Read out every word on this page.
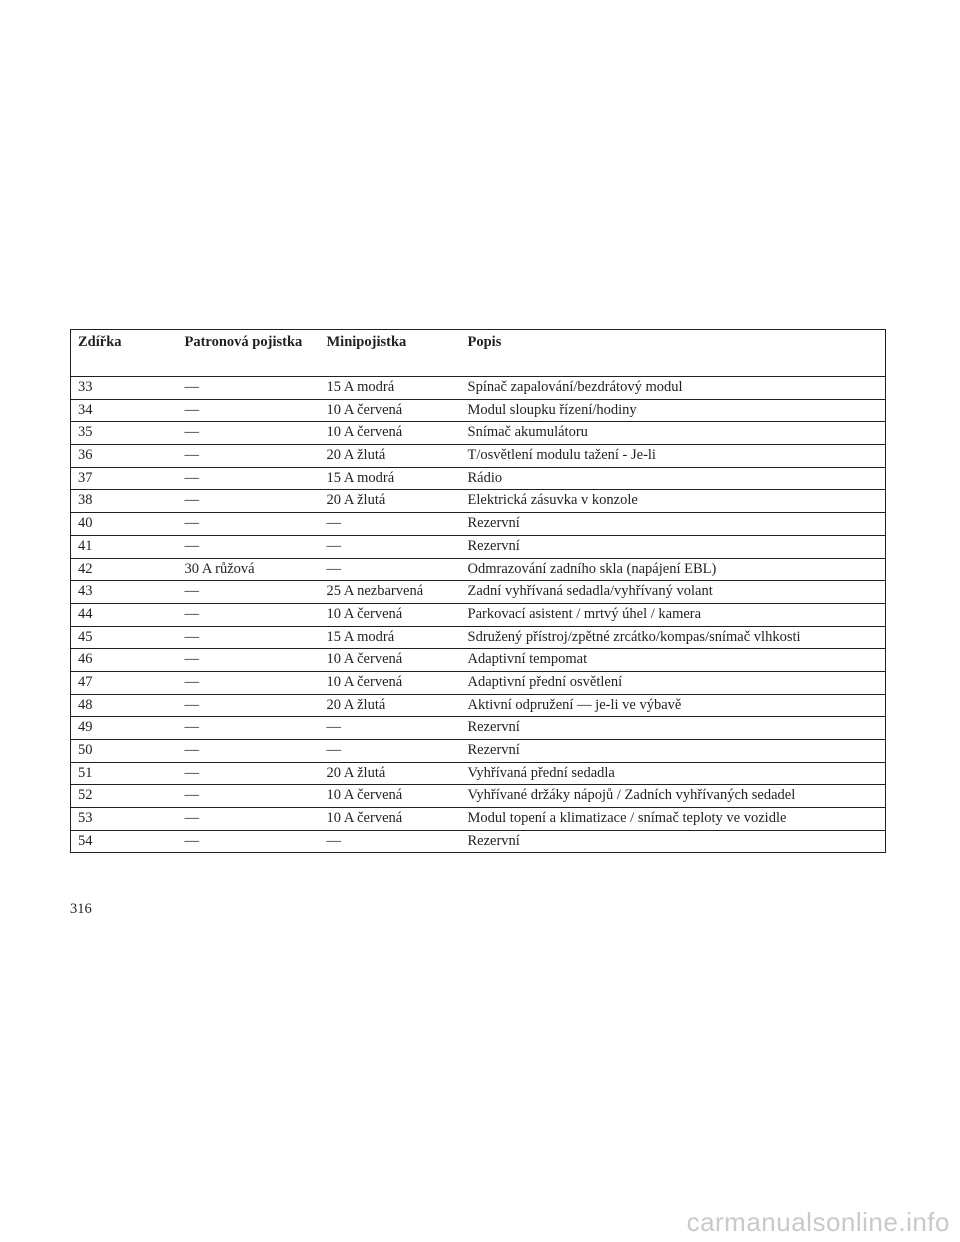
Zdířka	Patronová pojistka	Minipojistka	Popis
33	—	15 A modrá	Spínač zapalování/bezdrátový modul
34	—	10 A červená	Modul sloupku řízení/hodiny
35	—	10 A červená	Snímač akumulátoru
36	—	20 A žlutá	T/osvětlení modulu tažení - Je-li
37	—	15 A modrá	Rádio
38	—	20 A žlutá	Elektrická zásuvka v konzole
40	—	—	Rezervní
41	—	—	Rezervní
42	30 A růžová	—	Odmrazování zadního skla (napájení EBL)
43	—	25 A nezbarvená	Zadní vyhřívaná sedadla/vyhřívaný volant
44	—	10 A červená	Parkovací asistent / mrtvý úhel / kamera
45	—	15 A modrá	Sdružený přístroj/zpětné zrcátko/kompas/snímač vlhkosti
46	—	10 A červená	Adaptivní tempomat
47	—	10 A červená	Adaptivní přední osvětlení
48	—	20 A žlutá	Aktivní odpružení — je-li ve výbavě
49	—	—	Rezervní
50	—	—	Rezervní
51	—	20 A žlutá	Vyhřívaná přední sedadla
52	—	10 A červená	Vyhřívané držáky nápojů / Zadních vyhřívaných sedadel
53	—	10 A červená	Modul topení a klimatizace / snímač teploty ve vozidle
54	—	—	Rezervní
316
carmanualsonline.info
